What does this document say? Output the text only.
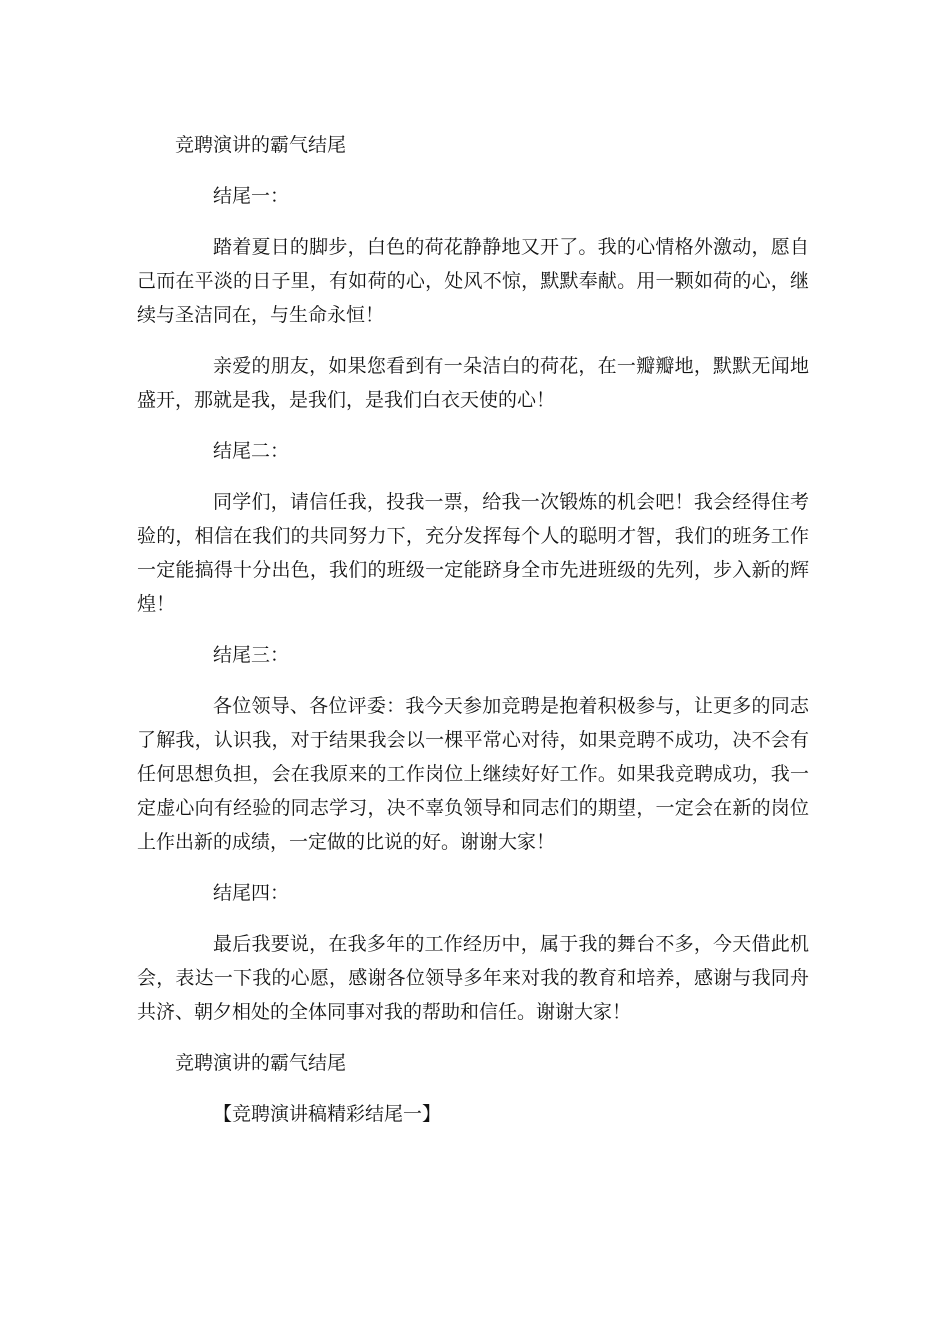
竞聘演讲的霸气结尾
结尾一：

踏着夏日的脚步，白色的荷花静静地又开了。我的心情格外激动，愿自己而在平淡的日子里，有如荷的心，处风不惊，默默奉献。用一颗如荷的心，继续与圣洁同在，与生命永恒！

亲爱的朋友，如果您看到有一朵洁白的荷花，在一瓣瓣地，默默无闻地盛开，那就是我，是我们，是我们白衣天使的心！

结尾二：

同学们，请信任我，投我一票，给我一次锻炼的机会吧！我会经得住考验的，相信在我们的共同努力下，充分发挥每个人的聪明才智，我们的班务工作一定能搞得十分出色，我们的班级一定能跻身全市先进班级的先列，步入新的辉煌！

结尾三：

各位领导、各位评委：我今天参加竞聘是抱着积极参与，让更多的同志了解我，认识我，对于结果我会以一棵平常心对待，如果竞聘不成功，决不会有任何思想负担，会在我原来的工作岗位上继续好好工作。如果我竞聘成功，我一定虚心向有经验的同志学习，决不辜负领导和同志们的期望，一定会在新的岗位上作出新的成绩，一定做的比说的好。谢谢大家！

结尾四：

最后我要说，在我多年的工作经历中，属于我的舞台不多，今天借此机会，表达一下我的心愿，感谢各位领导多年来对我的教育和培养，感谢与我同舟共济、朝夕相处的全体同事对我的帮助和信任。谢谢大家！

竞聘演讲的霸气结尾
【竞聘演讲稿精彩结尾一】
